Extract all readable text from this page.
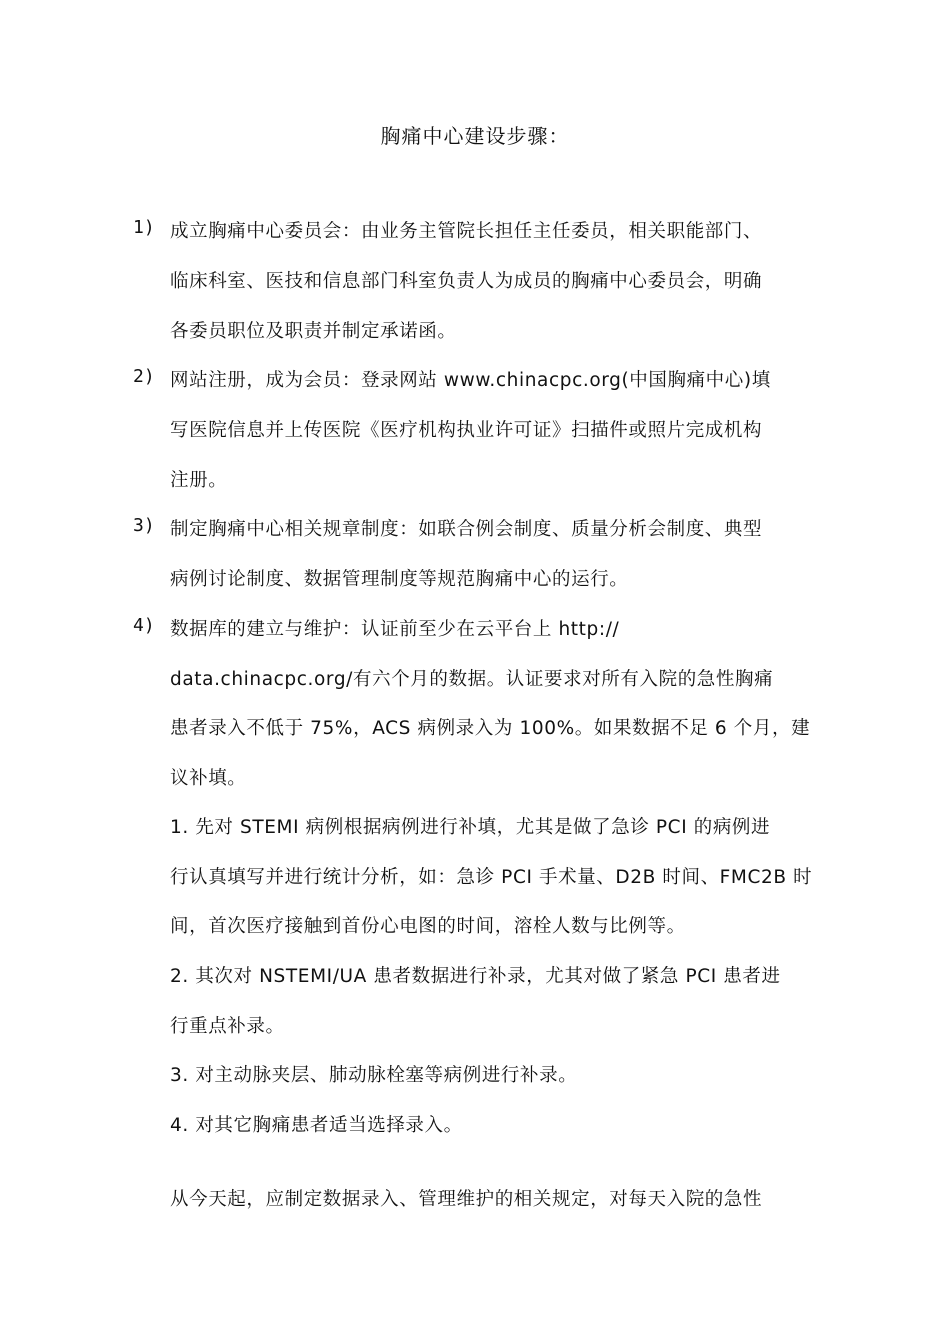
胸痛中心建设步骤：
1) 成立胸痛中心委员会：由业务主管院长担任主任委员，相关职能部门、
临床科室、医技和信息部门科室负责人为成员的胸痛中心委员会，明确
各委员职位及职责并制定承诺函。
2) 网站注册，成为会员：登录网站 www.chinacpc.org(中国胸痛中心)填
写医院信息并上传医院《医疗机构执业许可证》扫描件或照片完成机构
注册。
3) 制定胸痛中心相关规章制度：如联合例会制度、质量分析会制度、典型
病例讨论制度、数据管理制度等规范胸痛中心的运行。
4) 数据库的建立与维护：认证前至少在云平台上 http://
data.chinacpc.org/有六个月的数据。认证要求对所有入院的急性胸痛
患者录入不低于 75%，ACS 病例录入为 100%。如果数据不足 6 个月，建
议补填。
1. 先对 STEMI 病例根据病例进行补填，尤其是做了急诊 PCI 的病例进
行认真填写并进行统计分析，如：急诊 PCI 手术量、D2B 时间、FMC2B 时
间，首次医疗接触到首份心电图的时间，溶栓人数与比例等。
2. 其次对 NSTEMI/UA 患者数据进行补录，尤其对做了紧急 PCI 患者进
行重点补录。
3. 对主动脉夹层、肺动脉栓塞等病例进行补录。
4. 对其它胸痛患者适当选择录入。
从今天起，应制定数据录入、管理维护的相关规定，对每天入院的急性
